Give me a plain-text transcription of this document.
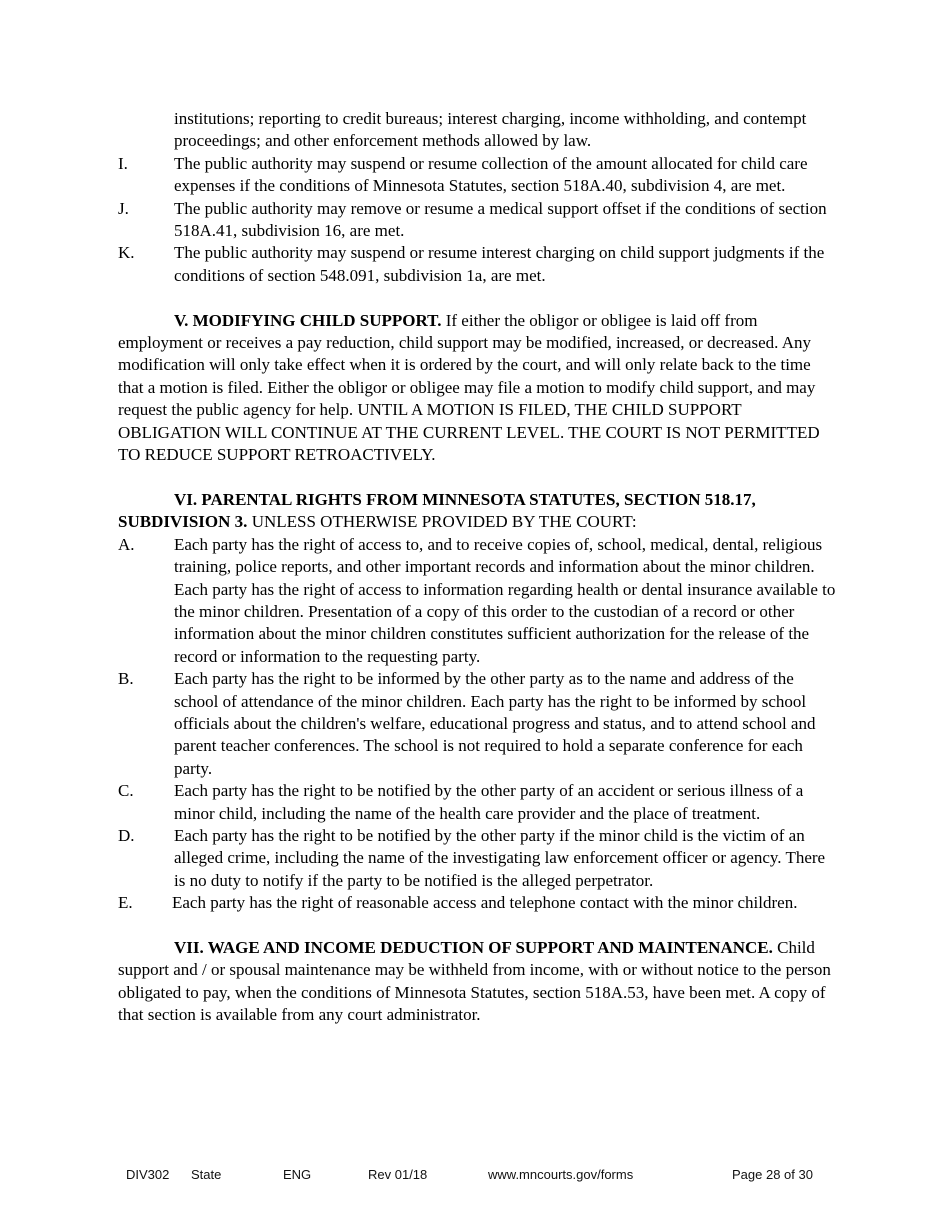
institutions; reporting to credit bureaus; interest charging, income withholding, and contempt proceedings; and other enforcement methods allowed by law.
I.	The public authority may suspend or resume collection of the amount allocated for child care expenses if the conditions of Minnesota Statutes, section 518A.40, subdivision 4, are met.
J.	The public authority may remove or resume a medical support offset if the conditions of section 518A.41, subdivision 16, are met.
K.	The public authority may suspend or resume interest charging on child support judgments if the conditions of section 548.091, subdivision 1a, are met.
V. MODIFYING CHILD SUPPORT. If either the obligor or obligee is laid off from employment or receives a pay reduction, child support may be modified, increased, or decreased. Any modification will only take effect when it is ordered by the court, and will only relate back to the time that a motion is filed. Either the obligor or obligee may file a motion to modify child support, and may request the public agency for help. UNTIL A MOTION IS FILED, THE CHILD SUPPORT OBLIGATION WILL CONTINUE AT THE CURRENT LEVEL. THE COURT IS NOT PERMITTED TO REDUCE SUPPORT RETROACTIVELY.
VI. PARENTAL RIGHTS FROM MINNESOTA STATUTES, SECTION 518.17, SUBDIVISION 3. UNLESS OTHERWISE PROVIDED BY THE COURT:
A.	Each party has the right of access to, and to receive copies of, school, medical, dental, religious training, police reports, and other important records and information about the minor children. Each party has the right of access to information regarding health or dental insurance available to the minor children. Presentation of a copy of this order to the custodian of a record or other information about the minor children constitutes sufficient authorization for the release of the record or information to the requesting party.
B.	Each party has the right to be informed by the other party as to the name and address of the school of attendance of the minor children. Each party has the right to be informed by school officials about the children's welfare, educational progress and status, and to attend school and parent teacher conferences. The school is not required to hold a separate conference for each party.
C.	Each party has the right to be notified by the other party of an accident or serious illness of a minor child, including the name of the health care provider and the place of treatment.
D.	Each party has the right to be notified by the other party if the minor child is the victim of an alleged crime, including the name of the investigating law enforcement officer or agency. There is no duty to notify if the party to be notified is the alleged perpetrator.
E.	Each party has the right of reasonable access and telephone contact with the minor children.
VII. WAGE AND INCOME DEDUCTION OF SUPPORT AND MAINTENANCE. Child support and / or spousal maintenance may be withheld from income, with or without notice to the person obligated to pay, when the conditions of Minnesota Statutes, section 518A.53, have been met. A copy of that section is available from any court administrator.
DIV302 State	ENG	Rev 01/18	www.mncourts.gov/forms	Page 28 of 30
